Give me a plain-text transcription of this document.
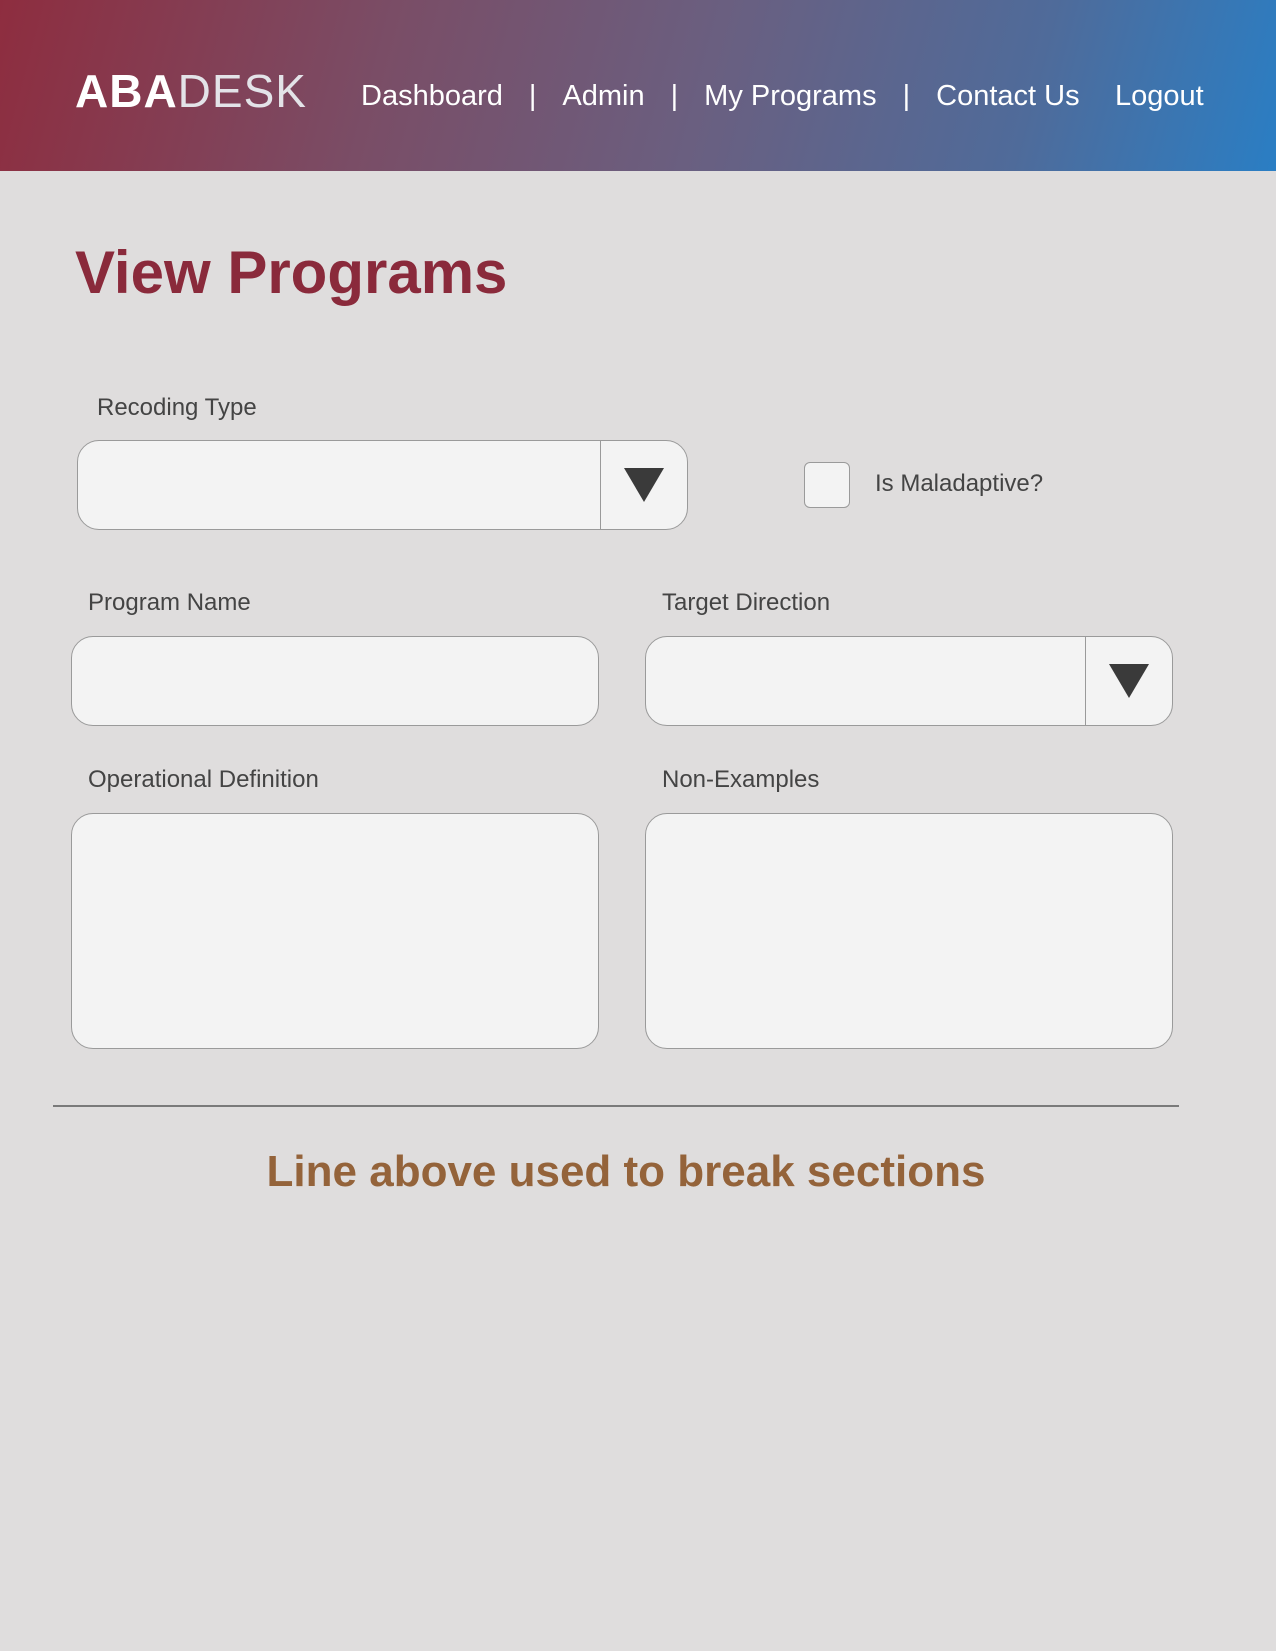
ABADESK Dashboard | Admin | My Programs | Contact Us Logout
View Programs
Recoding Type
Is Maladaptive?
Program Name	Target Direction
Operational Definition	Non-Examples
Line above used to break sections
